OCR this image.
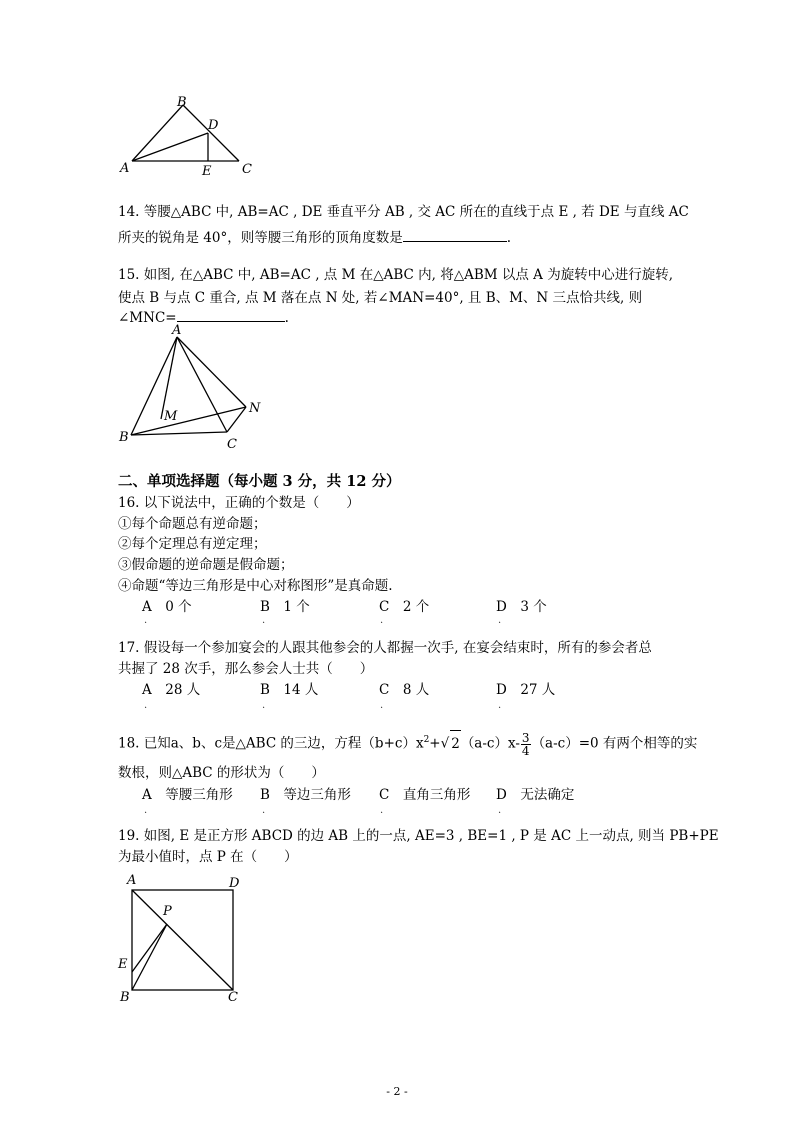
B
D
A	E C
14. 等腰△ABC 中, AB=AC , DE 垂直平分 AB , 交 AC 所在的直线于点 E , 若 DE 与直线 AC
所夹的锐角是 40°，则等腰三角形的顶角度数是	.
15. 如图, 在△ABC 中, AB=AC , 点 M 在△ABC 内, 将△ABM 以点 A 为旋转中心进行旋转,
使点 B 与点 C 重合, 点 M 落在点 N 处, 若∠MAN=40°, 且 B、M、N 三点恰共线, 则
∠MNC=	.
A
M
N
B	C
二、单项选择题（每小题 3 分，共 12 分）
16. 以下说法中，正确的个数是（　　）
①每个命题总有逆命题；
②每个定理总有逆定理；
③假命题的逆命题是假命题；
④命题“等边三角形是中心对称图形”是真命题.
A　0 个	B　1 个	C　2 个	D　3 个
.	.	.	.
17. 假设每一个参加宴会的人跟其他参会的人都握一次手, 在宴会结束时，所有的参会者总
共握了 28 次手，那么参会人士共（　　）
A　28 人	B　14 人	C　8 人	D　27 人
.	.	.	.
18. 已知a、b、c是△ABC 的三边，方程$(b+c)x^2+√$ $2(a-c)x- \frac{3}{4} (a-c)=0$ 有两个相等的实
数根，则△ABC 的形状为（　　）
A　等腰三角形 B　等边三角形 C　直角三角形 D　无法确定
.	.	.	.
19. 如图, E 是正方形 ABCD 的边 AB 上的一点, AE=3 , BE=1 , P 是 AC 上一动点, 则当 PB+PE
为最小值时，点 P 在（　　）
A	D
P
E
B	C
- 2 -
